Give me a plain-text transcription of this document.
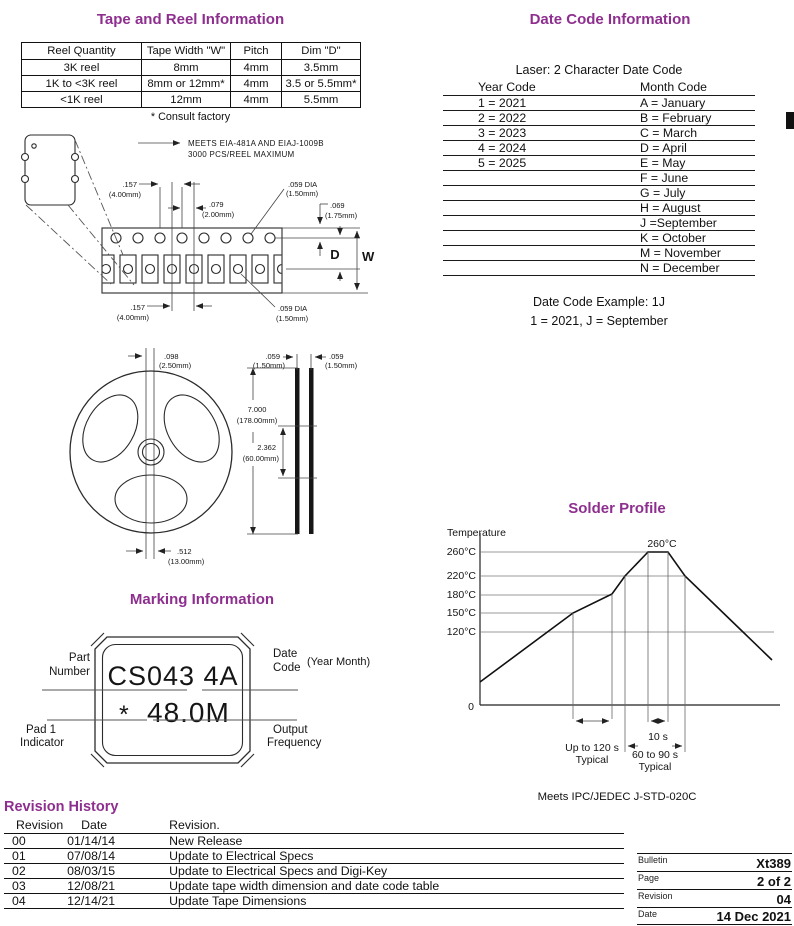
Tape and Reel Information	Date Code Information
Solder Profile
Marking Information
Revision History
Reel Quantity	Tape Width "W"	Pitch	Dim "D"
3K reel	8mm	4mm	3.5mm
1K to <3K reel	8mm or 12mm*	4mm	3.5 or 5.5mm*
<1K reel	12mm	4mm	5.5mm
* Consult factory
MEETS EIA-481A AND EIAJ-1009B
3000 PCS/REEL MAXIMUM
.157
(4.00mm)
.079
(2.00mm)
.059 DIA
(1.50mm)
.069
(1.75mm)
D W
.157
(4.00mm)
.059 DIA
(1.50mm)
.098
(2.50mm)
.059
(1.50mm)
.059
(1.50mm)
7.000
(178.00mm)
2.362
(60.00mm)
.512
(13.00mm)
CS043 4A
* 48.0M
Part
Number
Date
Code (Year Month)
Pad 1
Indicator
Output
Frequency
Laser: 2 Character Date Code
Year Code	Month Code
1 = 2021	A = January
2 = 2022	B = February
3 = 2023	C = March
4 = 2024	D = April
5 = 2025	E = May
	F = June
	G = July
	H = August
	J =September
	K = October
	M = November
	N = December
Date Code Example: 1J
1 = 2021, J = September
Temperature
260°C
220°C
180°C
150°C
120°C
260°C
0
Up to 120 s
Typical
10 s
60 to 90 s
Typical
Meets IPC/JEDEC J-STD-020C
Revision	Date	Revision.
00	01/14/14	New Release
01	07/08/14	Update to Electrical Specs
02	08/03/15	Update to Electrical Specs and Digi-Key
03	12/08/21	Update tape width dimension and date code table
04	12/14/21	Update Tape Dimensions
Bulletin	Xt389
Page	2 of 2
Revision	04
Date	14 Dec 2021
